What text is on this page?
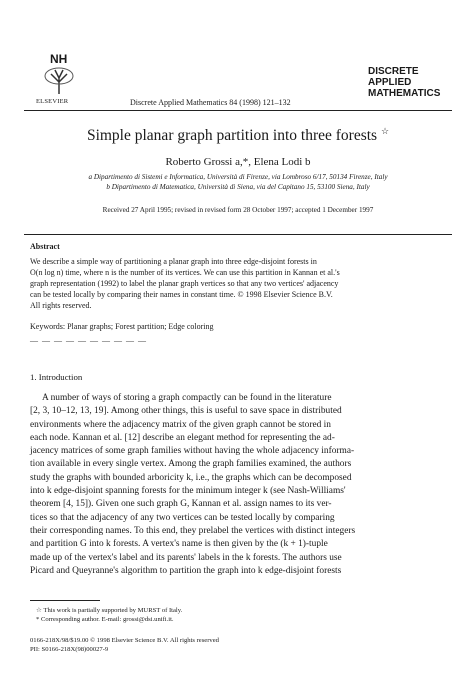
NH
ELSEVIER	Discrete Applied Mathematics 84 (1998) 121–132
DISCRETE
APPLIED
MATHEMATICS
Simple planar graph partition into three forests ☆
Roberto Grossi a,*, Elena Lodi b
a Dipartimento di Sistemi e Informatica, Università di Firenze, via Lombroso 6/17, 50134 Firenze, Italy
b Dipartimento di Matematica, Università di Siena, via del Capitano 15, 53100 Siena, Italy
Received 27 April 1995; revised in revised form 28 October 1997; accepted 1 December 1997
Abstract
We describe a simple way of partitioning a planar graph into three edge-disjoint forests in
O(n log n) time, where n is the number of its vertices. We can use this partition in Kannan et al.'s
graph representation (1992) to label the planar graph vertices so that any two vertices' adjacency
can be tested locally by comparing their names in constant time. © 1998 Elsevier Science B.V.
All rights reserved.
Keywords: Planar graphs; Forest partition; Edge coloring
— — — — — — — — — —
1. Introduction
A number of ways of storing a graph compactly can be found in the literature
[2, 3, 10–12, 13, 19]. Among other things, this is useful to save space in distributed
environments where the adjacency matrix of the given graph cannot be stored in
each node. Kannan et al. [12] describe an elegant method for representing the ad-
jacency matrices of some graph families without having the whole adjacency informa-
tion available in every single vertex. Among the graph families examined, the authors
study the graphs with bounded arboricity k, i.e., the graphs which can be decomposed
into k edge-disjoint spanning forests for the minimum integer k (see Nash-Williams'
theorem [4, 15]). Given one such graph G, Kannan et al. assign names to its ver-
tices so that the adjacency of any two vertices can be tested locally by comparing
their corresponding names. To this end, they prelabel the vertices with distinct integers
and partition G into k forests. A vertex's name is then given by the (k + 1)-tuple
made up of the vertex's label and its parents' labels in the k forests. The authors use
Picard and Queyranne's algorithm to partition the graph into k edge-disjoint forests
☆ This work is partially supported by MURST of Italy.
* Corresponding author. E-mail: grossi@dsi.unifi.it.
0166-218X/98/$19.00 © 1998 Elsevier Science B.V. All rights reserved
PII: S0166-218X(98)00027-9
